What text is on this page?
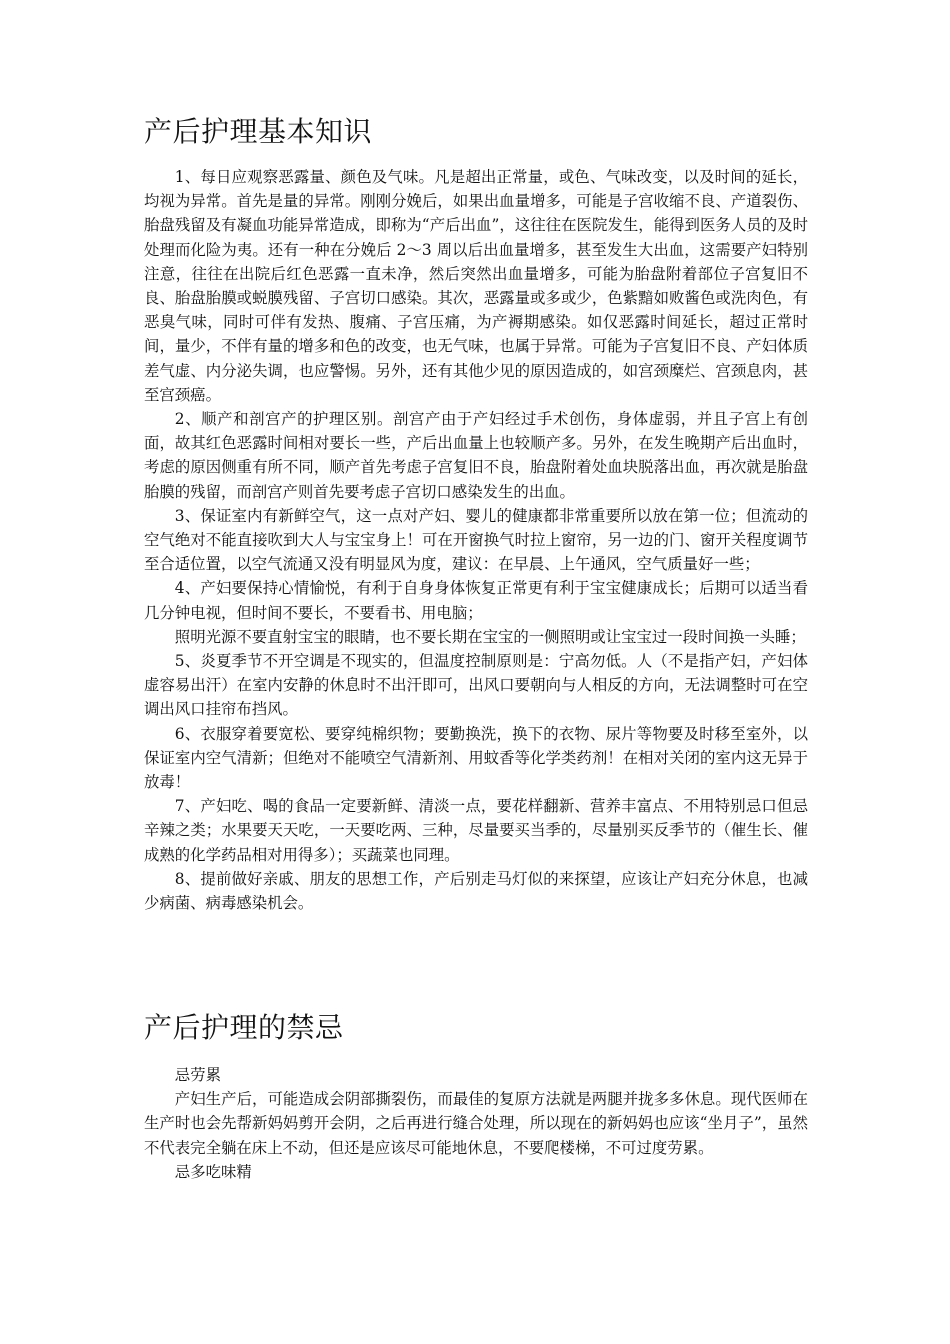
产后护理基本知识

1、每日应观察恶露量、颜色及气味。凡是超出正常量，或色、气味改变，以及时间的延长，均视为异常。首先是量的异常。刚刚分娩后，如果出血量增多，可能是子宫收缩不良、产道裂伤、胎盘残留及有凝血功能异常造成，即称为“产后出血”，这往往在医院发生，能得到医务人员的及时处理而化险为夷。还有一种在分娩后 2～3 周以后出血量增多，甚至发生大出血，这需要产妇特别注意，往往在出院后红色恶露一直未净，然后突然出血量增多，可能为胎盘附着部位子宫复旧不良、胎盘胎膜或蜕膜残留、子宫切口感染。其次，恶露量或多或少，色紫黯如败酱色或洗肉色，有恶臭气味，同时可伴有发热、腹痛、子宫压痛，为产褥期感染。如仅恶露时间延长，超过正常时间，量少，不伴有量的增多和色的改变，也无气味，也属于异常。可能为子宫复旧不良、产妇体质差气虚、内分泌失调，也应警惕。另外，还有其他少见的原因造成的，如宫颈糜烂、宫颈息肉，甚至宫颈癌。

2、顺产和剖宫产的护理区别。剖宫产由于产妇经过手术创伤，身体虚弱，并且子宫上有创面，故其红色恶露时间相对要长一些，产后出血量上也较顺产多。另外，在发生晚期产后出血时，考虑的原因侧重有所不同，顺产首先考虑子宫复旧不良，胎盘附着处血块脱落出血，再次就是胎盘胎膜的残留，而剖宫产则首先要考虑子宫切口感染发生的出血。

3、保证室内有新鲜空气，这一点对产妇、婴儿的健康都非常重要所以放在第一位；但流动的空气绝对不能直接吹到大人与宝宝身上！可在开窗换气时拉上窗帘，另一边的门、窗开关程度调节至合适位置，以空气流通又没有明显风为度，建议：在早晨、上午通风，空气质量好一些；

4、产妇要保持心情愉悦，有利于自身身体恢复正常更有利于宝宝健康成长；后期可以适当看几分钟电视，但时间不要长，不要看书、用电脑；

照明光源不要直射宝宝的眼睛，也不要长期在宝宝的一侧照明或让宝宝过一段时间换一头睡；

5、炎夏季节不开空调是不现实的，但温度控制原则是：宁高勿低。人（不是指产妇，产妇体虚容易出汗）在室内安静的休息时不出汗即可，出风口要朝向与人相反的方向，无法调整时可在空调出风口挂帘布挡风。

6、衣服穿着要宽松、要穿纯棉织物；要勤换洗，换下的衣物、尿片等物要及时移至室外，以保证室内空气清新；但绝对不能喷空气清新剂、用蚊香等化学类药剂！在相对关闭的室内这无异于放毒！

7、产妇吃、喝的食品一定要新鲜、清淡一点，要花样翻新、营养丰富点、不用特别忌口但忌辛辣之类；水果要天天吃，一天要吃两、三种，尽量要买当季的，尽量别买反季节的（催生长、催成熟的化学药品相对用得多）；买蔬菜也同理。

8、提前做好亲戚、朋友的思想工作，产后别走马灯似的来探望，应该让产妇充分休息，也减少病菌、病毒感染机会。

产后护理的禁忌

忌劳累

产妇生产后，可能造成会阴部撕裂伤，而最佳的复原方法就是两腿并拢多多休息。现代医师在生产时也会先帮新妈妈剪开会阴，之后再进行缝合处理，所以现在的新妈妈也应该“坐月子”，虽然不代表完全躺在床上不动，但还是应该尽可能地休息，不要爬楼梯，不可过度劳累。

忌多吃味精
